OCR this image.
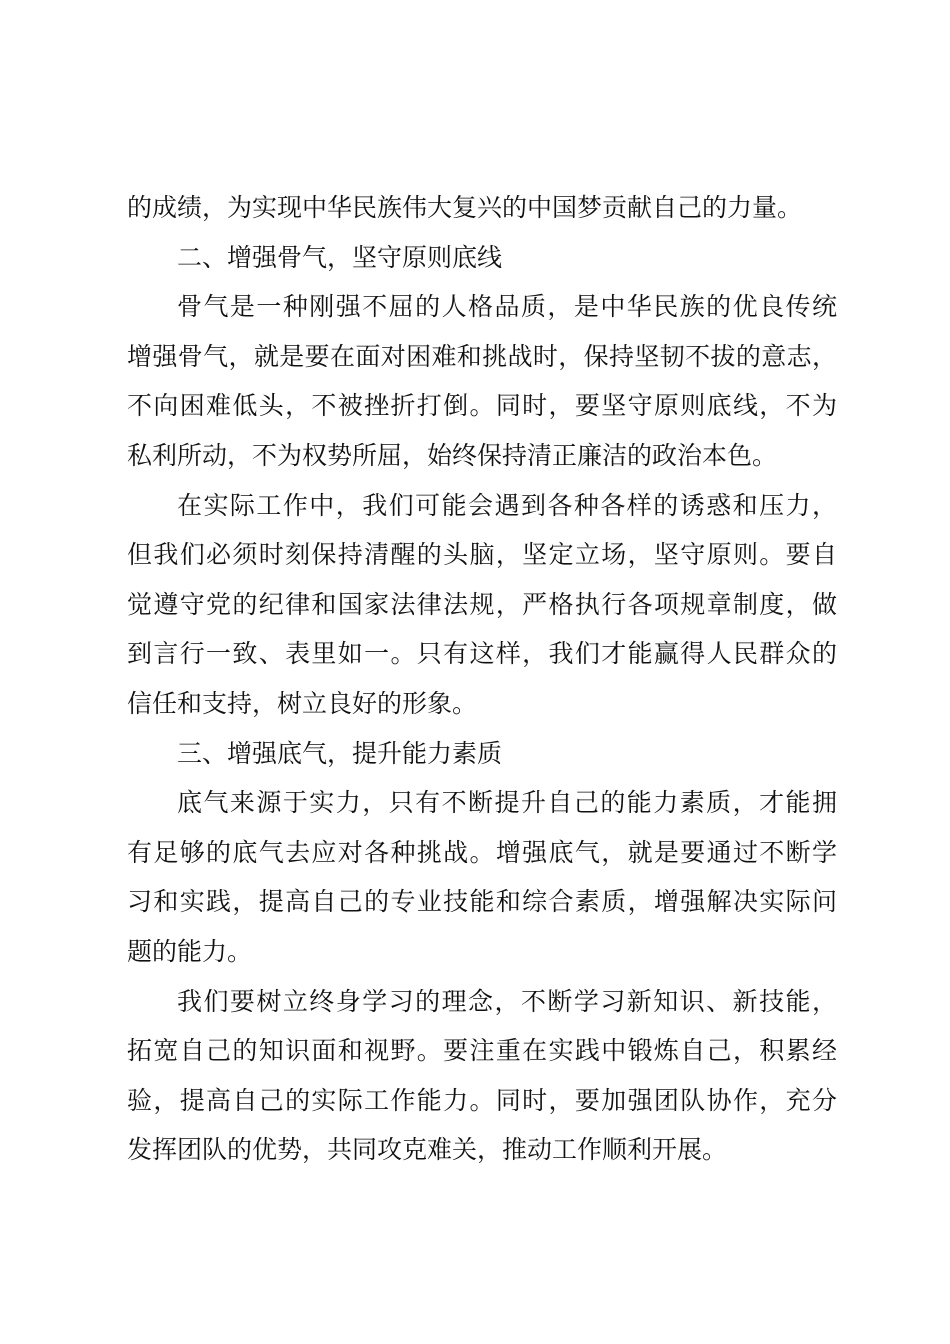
的成绩，为实现中华民族伟大复兴的中国梦贡献自己的力量。
二、增强骨气，坚守原则底线
骨气是一种刚强不屈的人格品质，是中华民族的优良传统
增强骨气，就是要在面对困难和挑战时，保持坚韧不拔的意志，
不向困难低头，不被挫折打倒。同时，要坚守原则底线，不为
私利所动，不为权势所屈，始终保持清正廉洁的政治本色。
在实际工作中，我们可能会遇到各种各样的诱惑和压力，
但我们必须时刻保持清醒的头脑，坚定立场，坚守原则。要自
觉遵守党的纪律和国家法律法规，严格执行各项规章制度，做
到言行一致、表里如一。只有这样，我们才能赢得人民群众的
信任和支持，树立良好的形象。
三、增强底气，提升能力素质
底气来源于实力，只有不断提升自己的能力素质，才能拥
有足够的底气去应对各种挑战。增强底气，就是要通过不断学
习和实践，提高自己的专业技能和综合素质，增强解决实际问
题的能力。
我们要树立终身学习的理念，不断学习新知识、新技能，
拓宽自己的知识面和视野。要注重在实践中锻炼自己，积累经
验，提高自己的实际工作能力。同时，要加强团队协作，充分
发挥团队的优势，共同攻克难关，推动工作顺利开展。
